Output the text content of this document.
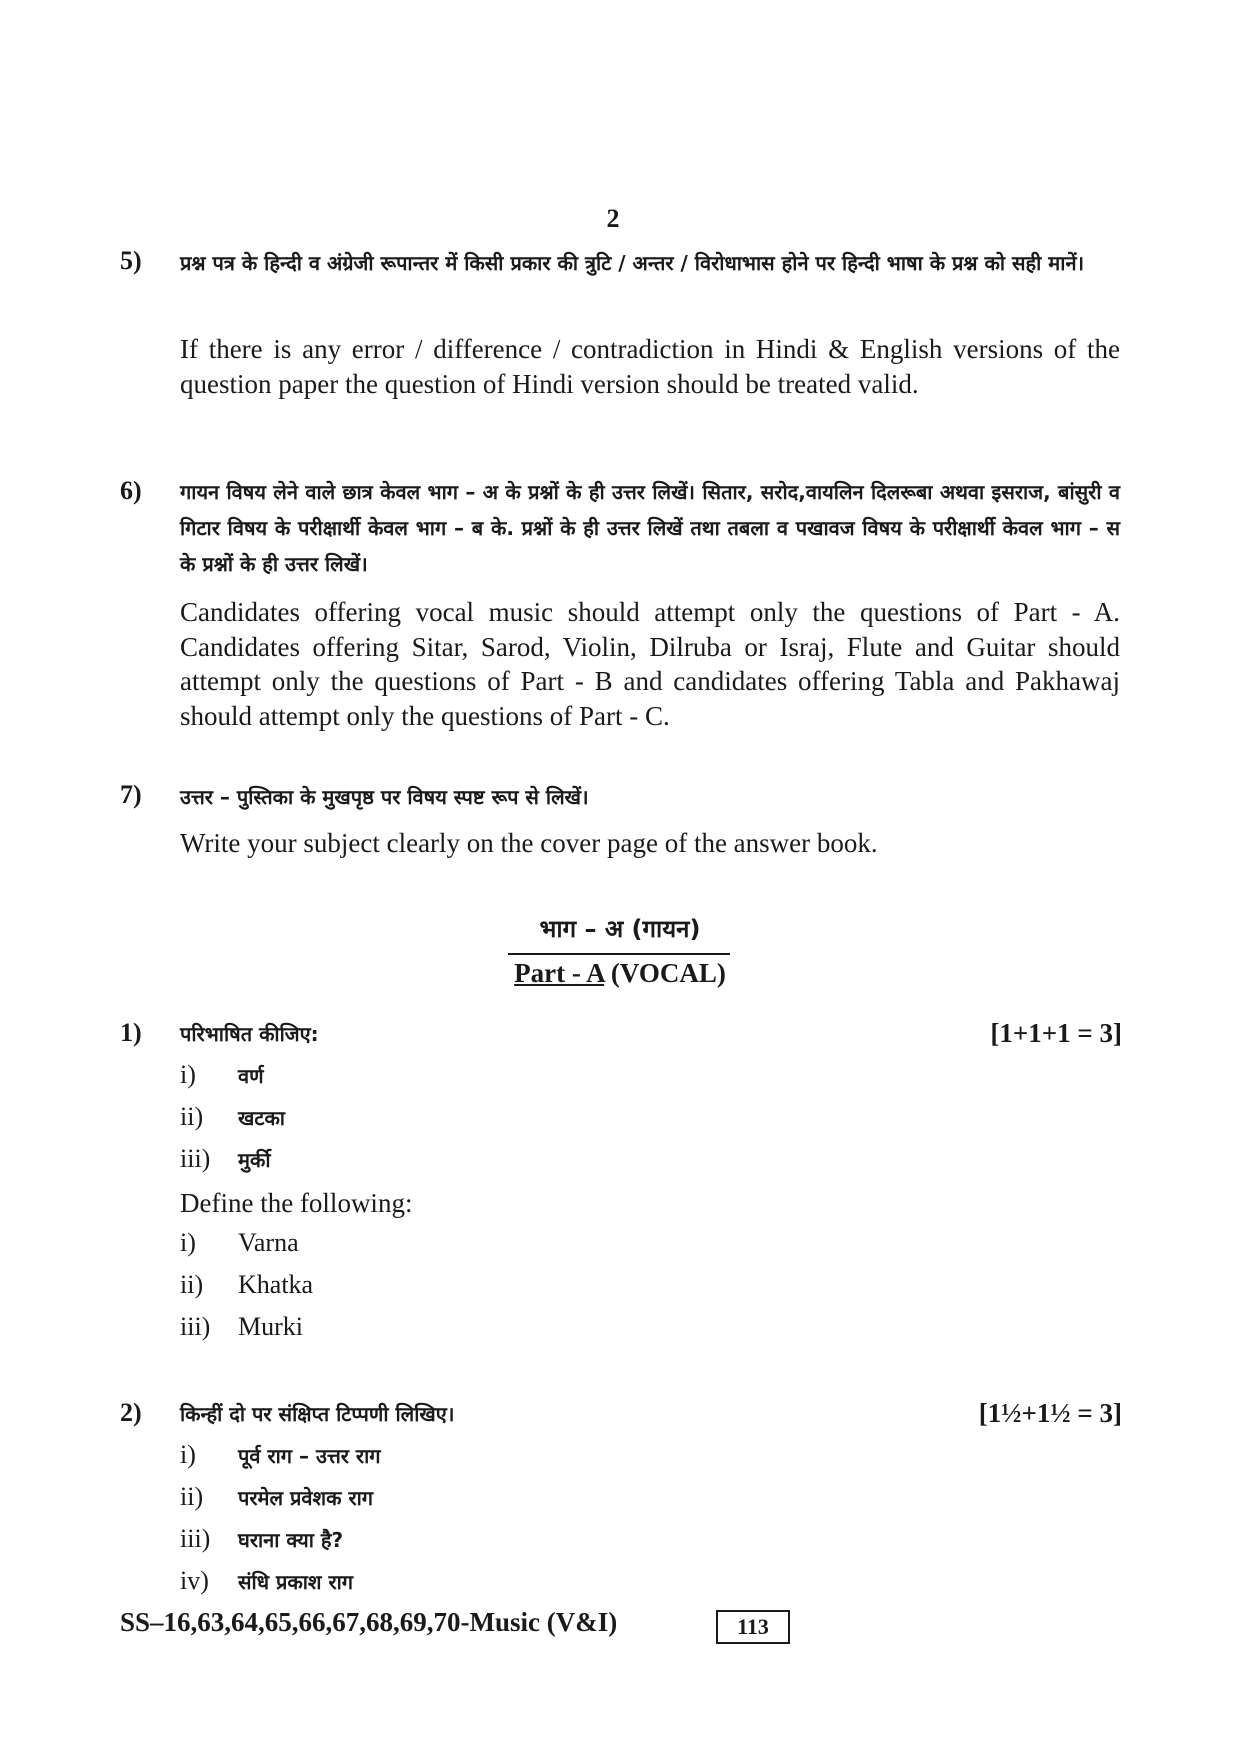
2
5) प्रश्न पत्र के हिन्दी व अंग्रेजी रूपान्तर में किसी प्रकार की त्रुटि / अन्तर / विरोधाभास होने पर हिन्दी भाषा के प्रश्न को सही मानें।
If there is any error / difference / contradiction in Hindi & English versions of the question paper the question of Hindi version should be treated valid.
6) गायन विषय लेने वाले छात्र केवल भाग – अ के प्रश्नों के ही उत्तर लिखें। सितार, सरोद,वायलिन दिलरूबा अथवा इसराज, बांसुरी व गिटार विषय के परीक्षार्थी केवल भाग – ब के. प्रश्नों के ही उत्तर लिखें तथा तबला व पखावज विषय के परीक्षार्थी केवल भाग – स के प्रश्नों के ही उत्तर लिखें।
Candidates offering vocal music should attempt only the questions of Part - A. Candidates offering Sitar, Sarod, Violin, Dilruba or Israj, Flute and Guitar should attempt only the questions of Part - B and candidates offering Tabla and Pakhawaj should attempt only the questions of Part - C.
7) उत्तर – पुस्तिका के मुखपृष्ठ पर विषय स्पष्ट रूप से लिखें।
Write your subject clearly on the cover page of the answer book.
भाग – अ (गायन)
Part - A (VOCAL)
1) परिभाषित कीजिए:	[1+1+1 = 3]
i) वर्ण
ii) खटका
iii) मुर्की
Define the following:
i) Varna
ii) Khatka
iii) Murki
2) किन्हीं दो पर संक्षिप्त टिप्पणी लिखिए।	[1½+1½ = 3]
i) पूर्व राग – उत्तर राग
ii) परमेल प्रवेशक राग
iii) घराना क्या है?
iv) संधि प्रकाश राग
SS–16,63,64,65,66,67,68,69,70-Music (V&I)	113
